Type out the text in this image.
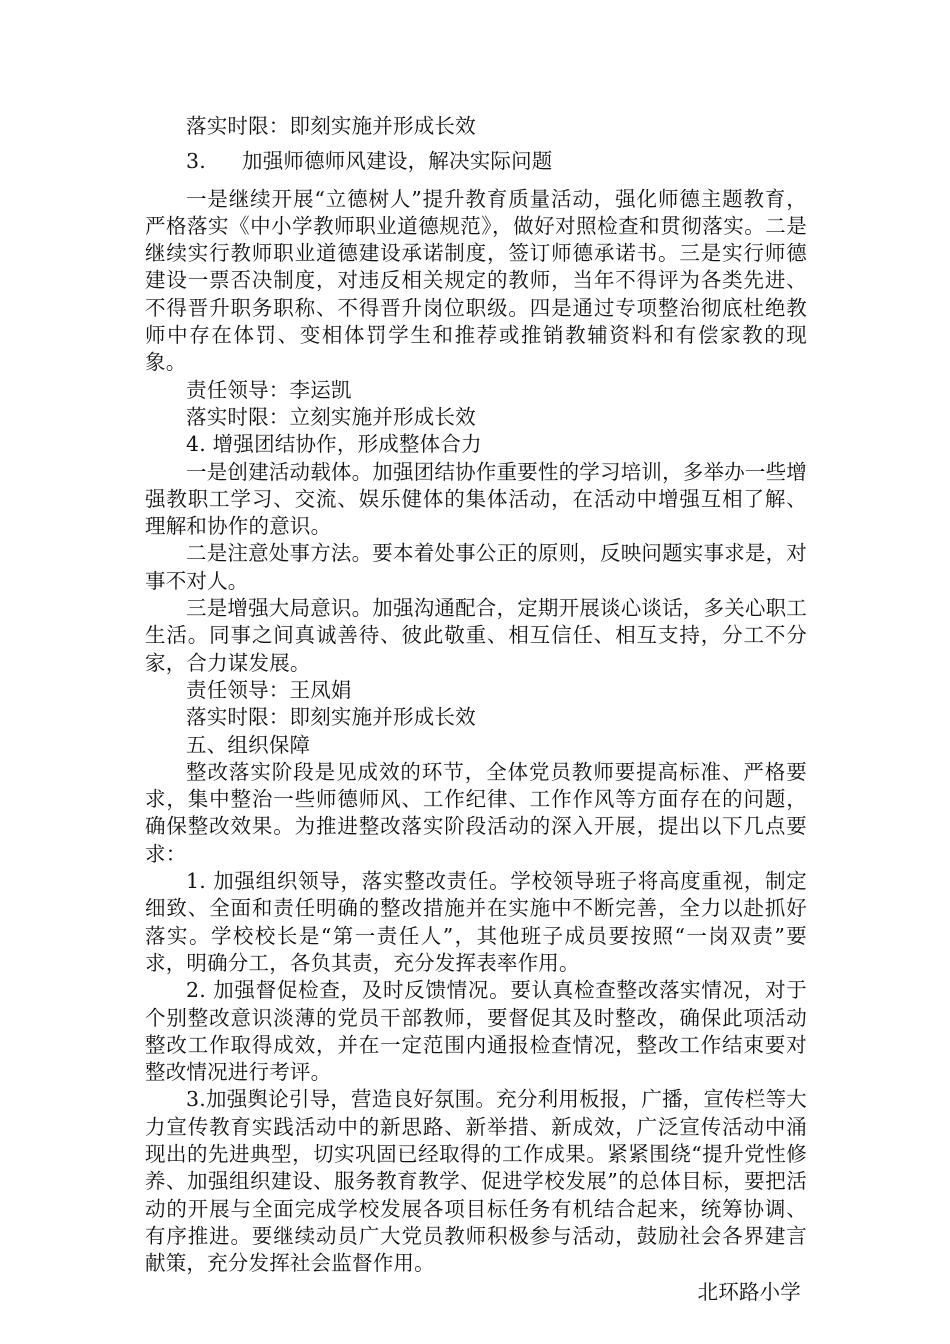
落实时限：即刻实施并形成长效

3. 加强师德师风建设，解决实际问题

一是继续开展“立德树人”提升教育质量活动，强化师德主题教育，严格落实《中小学教师职业道德规范》，做好对照检查和贯彻落实。二是继续实行教师职业道德建设承诺制度，签订师德承诺书。三是实行师德建设一票否决制度，对违反相关规定的教师，当年不得评为各类先进、不得晋升职务职称、不得晋升岗位职级。四是通过专项整治彻底杜绝教师中存在体罚、变相体罚学生和推荐或推销教辅资料和有偿家教的现象。

责任领导：李运凯

落实时限：立刻实施并形成长效

4. 增强团结协作，形成整体合力

一是创建活动载体。加强团结协作重要性的学习培训，多举办一些增强教职工学习、交流、娱乐健体的集体活动，在活动中增强互相了解、理解和协作的意识。

二是注意处事方法。要本着处事公正的原则，反映问题实事求是，对事不对人。

三是增强大局意识。加强沟通配合，定期开展谈心谈话，多关心职工生活。同事之间真诚善待、彼此敬重、相互信任、相互支持，分工不分家，合力谋发展。

责任领导：王凤娟

落实时限：即刻实施并形成长效

五、组织保障

整改落实阶段是见成效的环节，全体党员教师要提高标准、严格要求，集中整治一些师德师风、工作纪律、工作作风等方面存在的问题，确保整改效果。为推进整改落实阶段活动的深入开展，提出以下几点要求：

1. 加强组织领导，落实整改责任。学校领导班子将高度重视，制定细致、全面和责任明确的整改措施并在实施中不断完善，全力以赴抓好落实。学校校长是“第一责任人”，其他班子成员要按照“一岗双责”要求，明确分工，各负其责，充分发挥表率作用。

2. 加强督促检查，及时反馈情况。要认真检查整改落实情况，对于个别整改意识淡薄的党员干部教师，要督促其及时整改，确保此项活动整改工作取得成效，并在一定范围内通报检查情况，整改工作结束要对整改情况进行考评。

3.加强舆论引导，营造良好氛围。充分利用板报，广播，宣传栏等大力宣传教育实践活动中的新思路、新举措、新成效，广泛宣传活动中涌现出的先进典型，切实巩固已经取得的工作成果。紧紧围绕“提升党性修养、加强组织建设、服务教育教学、促进学校发展”的总体目标，要把活动的开展与全面完成学校发展各项目标任务有机结合起来，统筹协调、有序推进。要继续动员广大党员教师积极参与活动，鼓励社会各界建言献策，充分发挥社会监督作用。

北环路小学
